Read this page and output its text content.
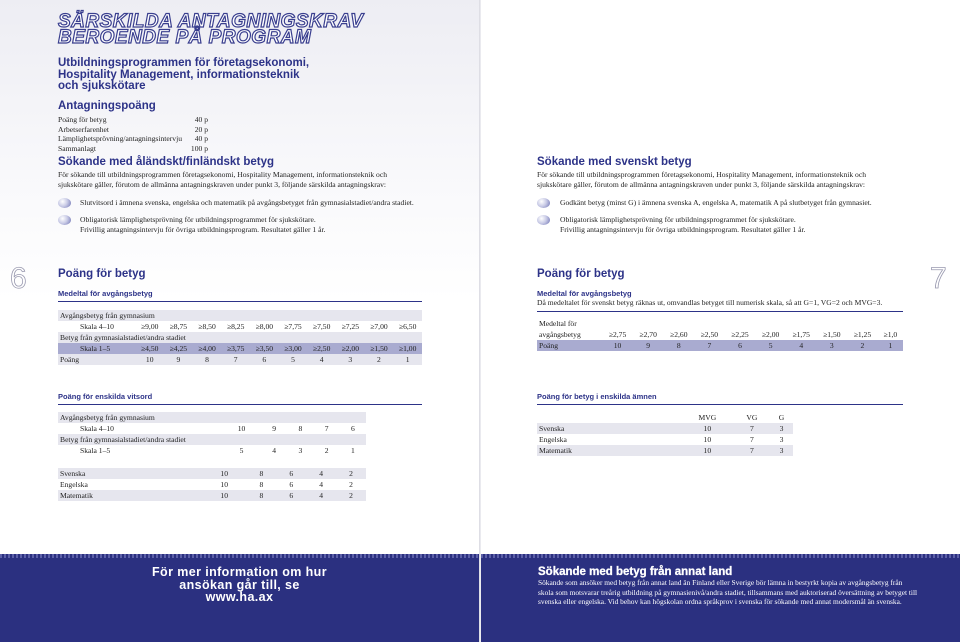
SÄRSKILDA ANTAGNINGSKRAV
BEROENDE PÅ PROGRAM
Utbildningsprogrammen för företagsekonomi,
Hospitality Management, informationsteknik
och sjukskötare
Antagningspoäng
Poäng för betyg	40 p
Arbetserfarenhet	20 p
Lämplighetsprövning/antagningsintervju	40 p
Sammanlagt	100 p
Sökande med åländskt/finländskt betyg
För sökande till utbildningsprogrammen företagsekonomi, Hospitality Management, informationsteknik och sjukskötare gäller, förutom de allmänna antagningskraven under punkt 3, följande särskilda antagningskrav:
Slutvitsord i ämnena svenska, engelska och matematik på avgångsbetyget från gymnasialstadiet/andra stadiet.
Obligatorisk lämplighetsprövning för utbildningsprogrammet för sjukskötare.
Frivillig antagningsintervju för övriga utbildningsprogram. Resultatet gäller 1 år.
6	Poäng för betyg
Medeltal för avgångsbetyg
Avgångsbetyg från gymnasium										
Skala 4–10	≥9,00	≥8,75	≥8,50	≥8,25	≥8,00	≥7,75	≥7,50	≥7,25	≥7,00	≥6,50
Betyg från gymnasialstadiet/andra stadiet										
Skala 1–5	≥4,50	≥4,25	≥4,00	≥3,75	≥3,50	≥3,00	≥2,50	≥2,00	≥1,50	≥1,00
Poäng	10	9	8	7	6	5	4	3	2	1
Poäng för enskilda vitsord
Avgångsbetyg från gymnasium					
Skala 4–10	10	9	8	7	6
Betyg från gymnasialstadiet/andra stadiet					
Skala 1–5	5	4	3	2	1
Svenska	10	8	6	4	2
Engelska	10	8	6	4	2
Matematik	10	8	6	4	2
För mer information om hur
ansökan går till, se
www.ha.ax
Sökande med svenskt betyg
För sökande till utbildningsprogrammen företagsekonomi, Hospitality Management, informationsteknik och sjukskötare gäller, förutom de allmänna antagningskraven under punkt 3, följande särskilda antagningskrav:
Godkänt betyg (minst G) i ämnena svenska A, engelska A, matematik A på slutbetyget från gymnasiet.
Obligatorisk lämplighetsprövning för utbildningsprogrammet för sjukskötare.
Frivillig antagningsintervju för övriga utbildningsprogram. Resultatet gäller 1 år.
7
Poäng för betyg
Medeltal för avgångsbetyg
Då medeltalet för svenskt betyg räknas ut, omvandlas betyget till numerisk skala, så att G=1, VG=2 och MVG=3.
Medeltal för										
avgångsbetyg	≥2,75	≥2,70	≥2,60	≥2,50	≥2,25	≥2,00	≥1,75	≥1,50	≥1,25	≥1,0
Poäng	10	9	8	7	6	5	4	3	2	1
Poäng för betyg i enskilda ämnen
	MVG	VG	G
Svenska	10	7	3
Engelska	10	7	3
Matematik	10	7	3
Sökande med betyg från annat land
Sökande som ansöker med betyg från annat land än Finland eller Sverige bör lämna in bestyrkt kopia av avgångsbetyg från skola som motsvarar treårig utbildning på gymnasienivå/andra stadiet, tillsammans med auktoriserad översättning av betyget till svenska eller engelska. Vid behov kan högskolan ordna språkprov i svenska för sökande med annat modersmål än svenska.
